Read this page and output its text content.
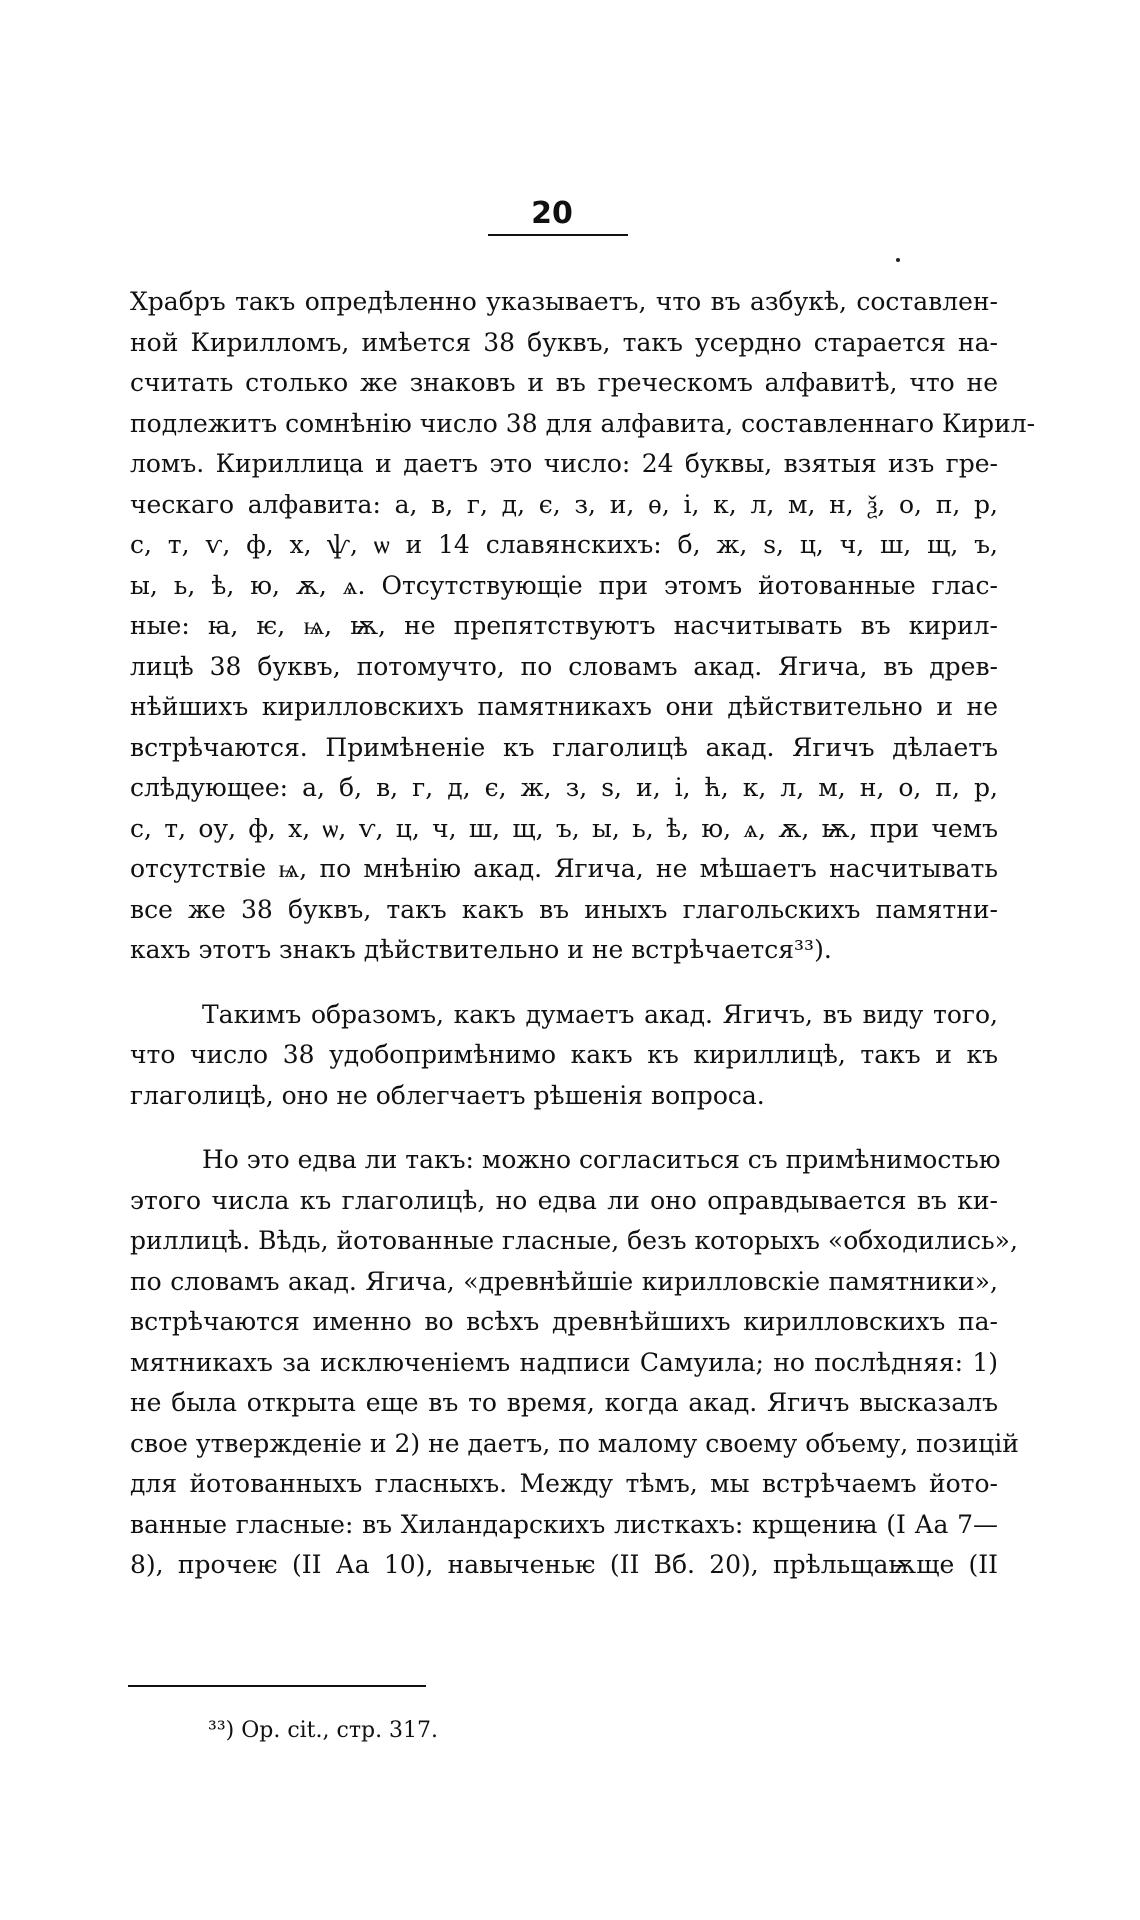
20
Храбръ такъ опредѣленно указываетъ, что въ азбукѣ, составлен-
ной Кирилломъ, имѣется 38 буквъ, такъ усердно старается на-
считать столько же знаковъ и въ греческомъ алфавитѣ, что не
подлежитъ сомнѣнію число 38 для алфавита, составленнаго Кирил-
ломъ. Кириллица и даетъ это число: 24 буквы, взятыя изъ гре-
ческаго алфавита: а, в, г, д, є, з, и, ѳ, і, к, л, м, н, ѯ, о, п, р,
с, т, ѵ, ф, х, ѱ, ѡ и 14 славянскихъ: б, ж, ѕ, ц, ч, ш, щ, ъ,
ы, ь, ѣ, ю, ѫ, ѧ. Отсутствующіе при этомъ йотованные глас-
ные: ꙗ, ѥ, ѩ, ѭ, не препятствуютъ насчитывать въ кирил-
лицѣ 38 буквъ, потомучто, по словамъ акад. Ягича, въ древ-
нѣйшихъ кирилловскихъ памятникахъ они дѣйствительно и не
встрѣчаются. Примѣненіе къ глаголицѣ акад. Ягичъ дѣлаетъ
слѣдующее: а, б, в, г, д, є, ж, з, ѕ, и, і, ћ, к, л, м, н, о, п, р,
с, т, оу, ф, х, ѡ, ѵ, ц, ч, ш, щ, ъ, ы, ь, ѣ, ю, ѧ, ѫ, ѭ, при чемъ
отсутствіе ѩ, по мнѣнію акад. Ягича, не мѣшаетъ насчитывать
все же 38 буквъ, такъ какъ въ иныхъ глагольскихъ памятни-
кахъ этотъ знакъ дѣйствительно и не встрѣчается³³).
Такимъ образомъ, какъ думаетъ акад. Ягичъ, въ виду того,
что число 38 удобопримѣнимо какъ къ кириллицѣ, такъ и къ
глаголицѣ, оно не облегчаетъ рѣшенія вопроса.
Но это едва ли такъ: можно согласиться съ примѣнимостью
этого числа къ глаголицѣ, но едва ли оно оправдывается въ ки-
риллицѣ. Вѣдь, йотованные гласные, безъ которыхъ «обходились»,
по словамъ акад. Ягича, «древнѣйшіе кирилловскіе памятники»,
встрѣчаются именно во всѣхъ древнѣйшихъ кирилловскихъ па-
мятникахъ за исключеніемъ надписи Самуила; но послѣдняя: 1)
не была открыта еще въ то время, когда акад. Ягичъ высказалъ
свое утвержденіе и 2) не даетъ, по малому своему объему, позицій
для йотованныхъ гласныхъ. Между тѣмъ, мы встрѣчаемъ йото-
ванные гласные: въ Хиландарскихъ листкахъ: крщениꙗ (I Аа 7—
8), прочеѥ (II Аа 10), навыченьѥ (II Вб. 20), прѣльщаѭще (II
³³) Op. cit., стр. 317.
